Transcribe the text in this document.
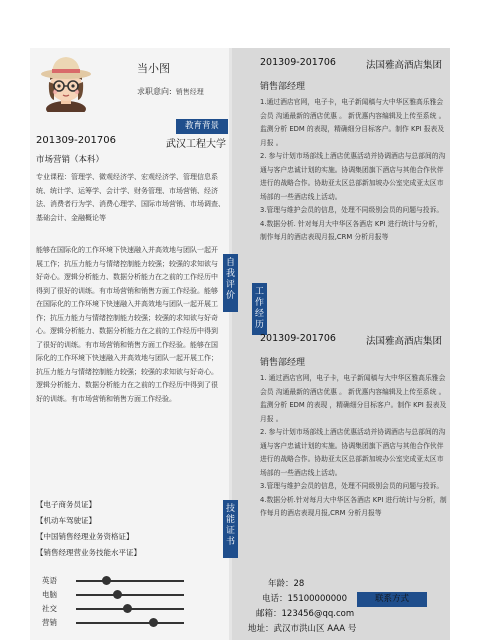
当小图
求职意向: 销售经理
教育背景
201309-201706	武汉工程大学
市场营销（本科）
专业课程：管理学、微观经济学、宏观经济学、管理信息系统、统计学、运筹学、会计学、财务管理、市场营销、经济法、消费者行为学、消费心理学、国际市场营销、市场调查、基础会计、金融概论等
自我评价
能够在国际化的工作环境下快速融入并高效地与团队一起开展工作；抗压力能力与情绪控制能力较强；较强的求知欲与好奇心。逻辑分析能力、数据分析能力在之前的工作经历中得到了很好的训练。有市场营销和销售方面工作经验。能够在国际化的工作环境下快速融入并高效地与团队一起开展工作；抗压力能力与情绪控制能力较强；较强的求知欲与好奇心。逻辑分析能力、数据分析能力在之前的工作经历中得到了很好的训练。有市场营销和销售方面工作经验。能够在国际化的工作环境下快速融入并高效地与团队一起开展工作；抗压力能力与情绪控制能力较强；较强的求知欲与好奇心。逻辑分析能力、数据分析能力在之前的工作经历中得到了很好的训练。有市场营销和销售方面工作经验。
工作经历
201309-201706	法国雅高酒店集团
销售部经理
1.通过酒店官网，电子卡，电子新闻稿与大中华区雅高乐雅会会员 沟通最新的酒店优惠 。 新优惠内容编辑及上传至系统 。监测分析 EDM 的表现，精确细分目标客户。制作 KPI 报表及月报 。
2. 参与计划市场部线上酒店优惠活动并协调酒店与总部间的沟通与客户忠诚计划的实施。协调集团旗下酒店与其他合作伙伴进行的战略合作。协助亚太区总部新加坡办公室完成亚太区市场部的一些酒店线上活动。
3.管理与维护会员的信息，处理不同级别会员的问题与投诉。
4.数据分析. 针对每月大中华区各酒店 KPI 进行统计与分析，制作每月的酒店表现月报,CRM 分析月报等
201309-201706	法国雅高酒店集团
销售部经理
1. 通过酒店官网，电子卡，电子新闻稿与大中华区雅高乐雅会会员 沟通最新的酒店优惠 。 新优惠内容编辑及上传至系统 。监测分析 EDM 的表现 ，精确细分目标客户。制作 KPI 报表及月报 。
2. 参与计划市场部线上酒店优惠活动并协调酒店与总部间的沟通与客户忠诚计划的实施。协调集团旗下酒店与其他合作伙伴进行的战略合作。协助亚太区总部新加坡办公室完成亚太区市场部的一些酒店线上活动。
3.管理与维护会员的信息，处理不同级别会员的问题与投诉。
4.数据分析.针对每月大中华区各酒店 KPI 进行统计与分析，制作每月的酒店表现月报,CRM 分析月报等
技能证书
【电子商务员证】
【机动车驾驶证】
【中国销售经理业务资格证】
【销售经理营业务技能水平证】
英语
电脑
社交
营销
联系方式
年龄：28
电话：15100000000
邮箱：123456@qq.com
地址：武汉市洪山区 AAA 号
